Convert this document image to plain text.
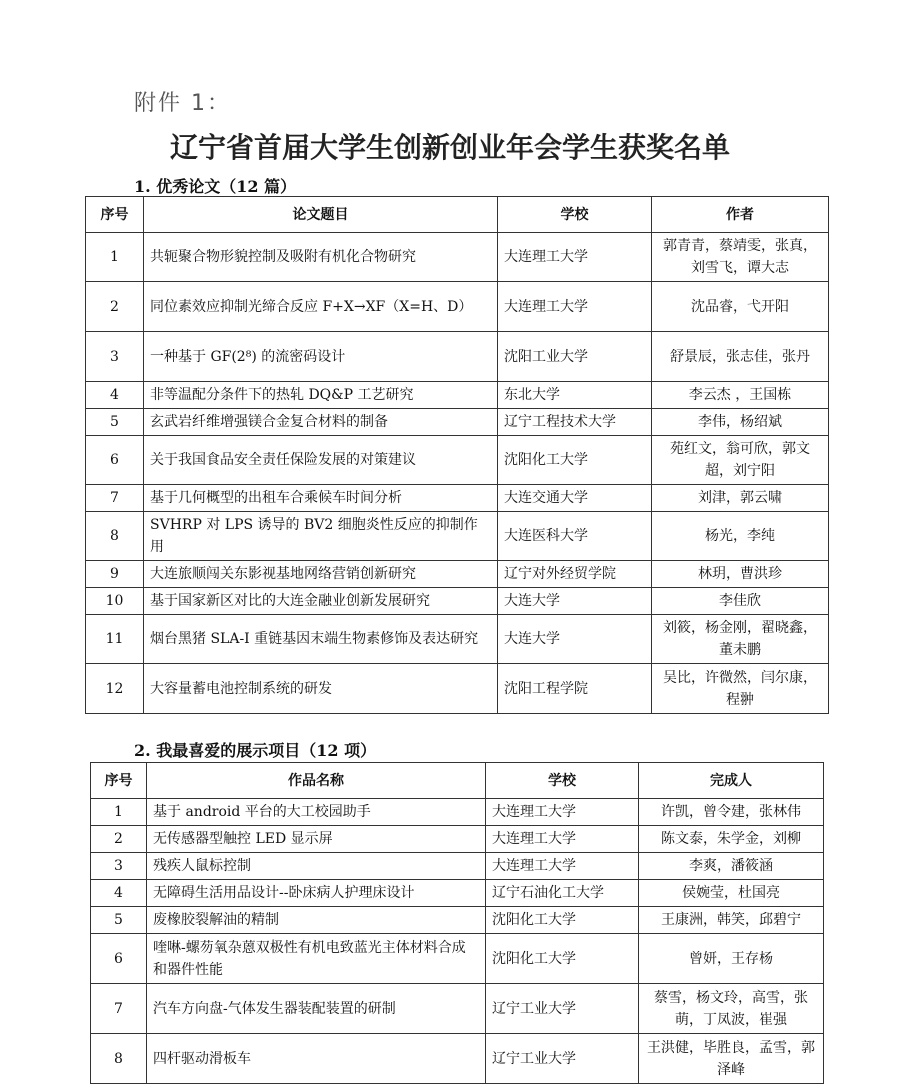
附件 1：
辽宁省首届大学生创新创业年会学生获奖名单
1. 优秀论文（12 篇）
序号	论文题目	学校	作者
1	共轭聚合物形貌控制及吸附有机化合物研究	大连理工大学	郭青青，蔡靖雯，张真，刘雪飞，谭大志
2	同位素效应抑制光缔合反应 F+X→XF（X=H、D）	大连理工大学	沈品睿，弋开阳
3	一种基于 GF(2⁸) 的流密码设计	沈阳工业大学	舒景辰，张志佳，张丹
4	非等温配分条件下的热轧 DQ&P 工艺研究	东北大学	李云杰 ，王国栋
5	玄武岩纤维增强镁合金复合材料的制备	辽宁工程技术大学	李伟，杨绍斌
6	关于我国食品安全责任保险发展的对策建议	沈阳化工大学	苑红文，翁可欣，郭文超，刘宁阳
7	基于几何概型的出租车合乘候车时间分析	大连交通大学	刘津，郭云啸
8	SVHRP 对 LPS 诱导的 BV2 细胞炎性反应的抑制作用	大连医科大学	杨光，李纯
9	大连旅顺闯关东影视基地网络营销创新研究	辽宁对外经贸学院	林玥，曹洪珍
10	基于国家新区对比的大连金融业创新发展研究	大连大学	李佳欣
11	烟台黑猪 SLA-I 重链基因末端生物素修饰及表达研究	大连大学	刘筱，杨金刚，翟晓鑫，董未鹏
12	大容量蓄电池控制系统的研发	沈阳工程学院	吴比，许微然，闫尔康， 程翀
2. 我最喜爱的展示项目（12 项）
序号	作品名称	学校	完成人
1	基于 android 平台的大工校园助手	大连理工大学	许凯，曾令建，张林伟
2	无传感器型触控 LED 显示屏	大连理工大学	陈文泰，朱学金，刘柳
3	残疾人鼠标控制	大连理工大学	李爽，潘筱涵
4	无障碍生活用品设计--卧床病人护理床设计	辽宁石油化工大学	侯婉莹，杜国亮
5	废橡胶裂解油的精制	沈阳化工大学	王康洲，韩笑，邱碧宁
6	喹啉-螺芴氧杂蒽双极性有机电致蓝光主体材料合成和器件性能	沈阳化工大学	曾妍，王存杨
7	汽车方向盘-气体发生器装配装置的研制	辽宁工业大学	蔡雪，杨文玲，高雪，张萌，丁凤波，崔强
8	四杆驱动滑板车	辽宁工业大学	王洪健，毕胜良，孟雪，郭泽峰
